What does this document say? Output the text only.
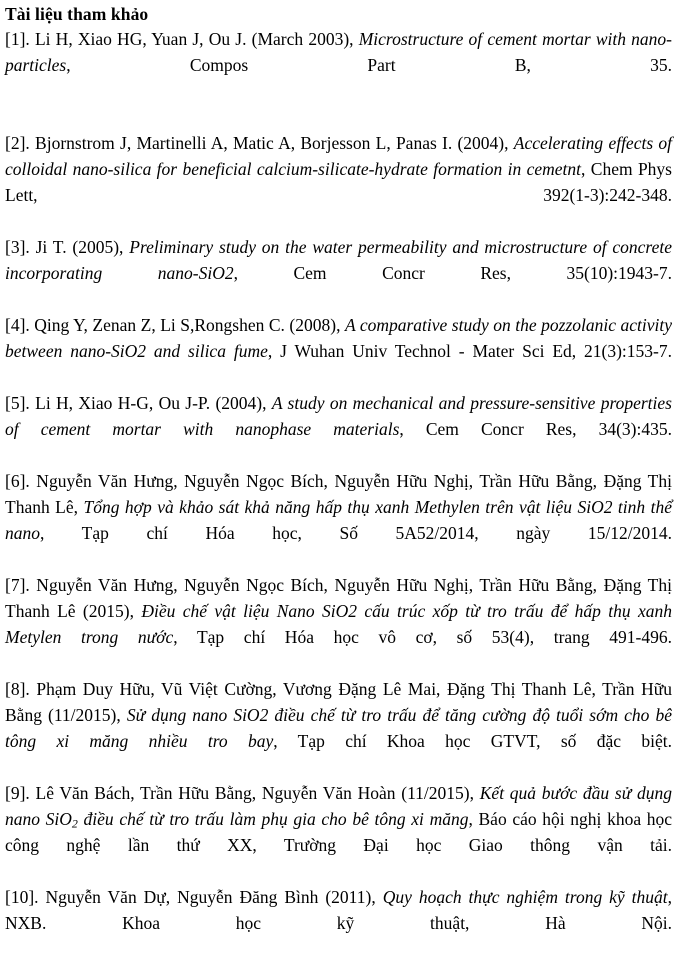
Tài liệu tham khảo

[1]. Li H, Xiao HG, Yuan J, Ou J. (March 2003), Microstructure of cement mortar with nano-particles, Compos Part B, 35.

[2]. Bjornstrom J, Martinelli A, Matic A, Borjesson L, Panas I. (2004), Accelerating effects of colloidal nano-silica for beneficial calcium-silicate-hydrate formation in cemetnt, Chem Phys Lett, 392(1-3):242-348.

[3]. Ji T. (2005), Preliminary study on the water permeability and microstructure of concrete incorporating nano-SiO2, Cem Concr Res, 35(10):1943-7.

[4]. Qing Y, Zenan Z, Li S,Rongshen C. (2008), A comparative study on the pozzolanic activity between nano-SiO2 and silica fume, J Wuhan Univ Technol - Mater Sci Ed, 21(3):153-7.

[5]. Li H, Xiao H-G, Ou J-P. (2004), A study on mechanical and pressure-sensitive properties of cement mortar with nanophase materials, Cem Concr Res, 34(3):435.

[6]. Nguyễn Văn Hưng, Nguyễn Ngọc Bích, Nguyễn Hữu Nghị, Trần Hữu Bằng, Đặng Thị Thanh Lê, Tổng hợp và khảo sát khả năng hấp thụ xanh Methylen trên vật liệu SiO2 tinh thể nano, Tạp chí Hóa học, Số 5A52/2014, ngày 15/12/2014.

[7]. Nguyễn Văn Hưng, Nguyễn Ngọc Bích, Nguyễn Hữu Nghị, Trần Hữu Bằng, Đặng Thị Thanh Lê (2015), Điều chế vật liệu Nano SiO2 cấu trúc xốp từ tro trấu để hấp thụ xanh Metylen trong nước, Tạp chí Hóa học vô cơ, số 53(4), trang 491-496.

[8]. Phạm Duy Hữu, Vũ Việt Cường, Vương Đặng Lê Mai, Đặng Thị Thanh Lê, Trần Hữu Bằng (11/2015), Sử dụng nano SiO2 điều chế từ tro trấu để tăng cường độ tuổi sớm cho bê tông xi măng nhiều tro bay, Tạp chí Khoa học GTVT, số đặc biệt.

[9]. Lê Văn Bách, Trần Hữu Bằng, Nguyễn Văn Hoàn (11/2015), Kết quả bước đầu sử dụng nano SiO$_2$ điều chế từ tro trấu làm phụ gia cho bê tông xi măng, Báo cáo hội nghị khoa học công nghệ lần thứ XX, Trường Đại học Giao thông vận tải.

[10]. Nguyễn Văn Dự, Nguyễn Đăng Bình (2011), Quy hoạch thực nghiệm trong kỹ thuật, NXB. Khoa học kỹ thuật, Hà Nội.
